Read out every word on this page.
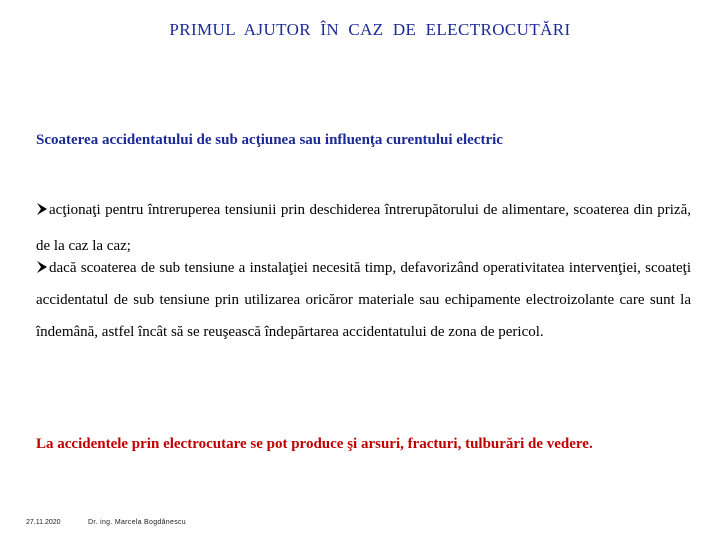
PRIMUL  AJUTOR  ÎN  CAZ  DE  ELECTROCUTĂRI
Scoaterea accidentatului de sub acţiunea sau influenţa curentului electric

acţionaţi pentru întreruperea tensiunii prin deschiderea întrerupătorului de alimentare, scoaterea din priză, de la caz la caz;

dacă scoaterea de sub tensiune a instalaţiei necesită timp, defavorizând operativitatea intervenţiei, scoateţi accidentatul de sub tensiune prin utilizarea oricăror materiale sau echipamente electroizolante care sunt la îndemână, astfel încât să se reuşească îndepărtarea accidentatului de zona de pericol.

La accidentele prin electrocutare se pot produce şi arsuri, fracturi, tulburări de vedere.
27.11.2020	Dr. ing. Marcela Bogdănescu
